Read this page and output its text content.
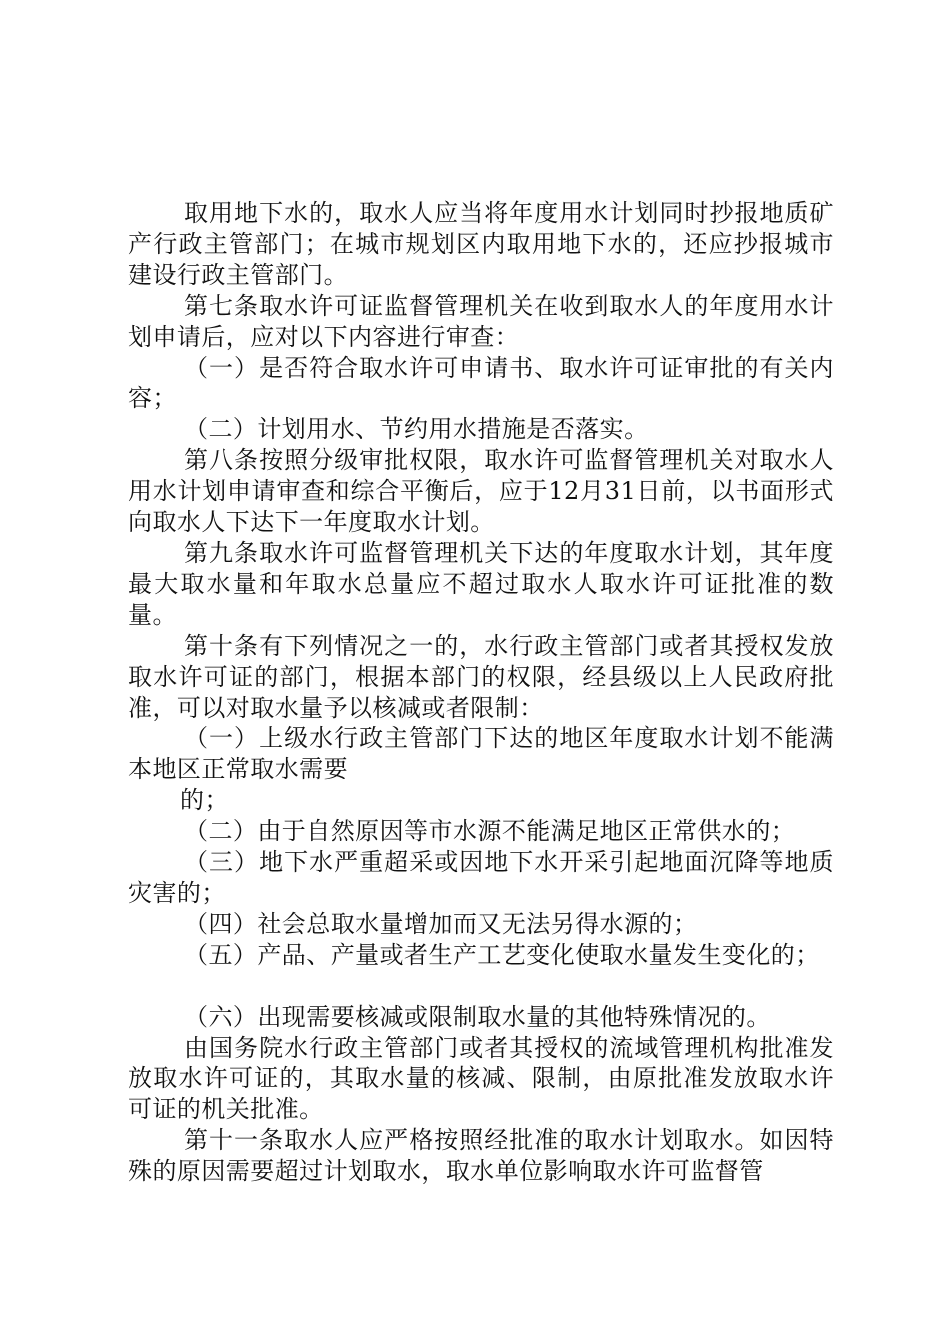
取用地下水的，取水人应当将年度用水计划同时抄报地质矿产行政主管部门；在城市规划区内取用地下水的，还应抄报城市建设行政主管部门。

第七条取水许可证监督管理机关在收到取水人的年度用水计划申请后，应对以下内容进行审查：

（一）是否符合取水许可申请书、取水许可证审批的有关内容；

（二）计划用水、节约用水措施是否落实。

第八条按照分级审批权限，取水许可监督管理机关对取水人用水计划申请审查和综合平衡后，应于12月31日前，以书面形式向取水人下达下一年度取水计划。

第九条取水许可监督管理机关下达的年度取水计划，其年度最大取水量和年取水总量应不超过取水人取水许可证批准的数量。

第十条有下列情况之一的，水行政主管部门或者其授权发放取水许可证的部门，根据本部门的权限，经县级以上人民政府批准，可以对取水量予以核减或者限制：

（一）上级水行政主管部门下达的地区年度取水计划不能满本地区正常取水需要

的；

（二）由于自然原因等市水源不能满足地区正常供水的；

（三）地下水严重超采或因地下水开采引起地面沉降等地质灾害的；

（四）社会总取水量增加而又无法另得水源的；

（五）产品、产量或者生产工艺变化使取水量发生变化的；

（六）出现需要核减或限制取水量的其他特殊情况的。

由国务院水行政主管部门或者其授权的流域管理机构批准发放取水许可证的，其取水量的核减、限制，由原批准发放取水许可证的机关批准。

第十一条取水人应严格按照经批准的取水计划取水。如因特殊的原因需要超过计划取水，取水单位影响取水许可监督管
